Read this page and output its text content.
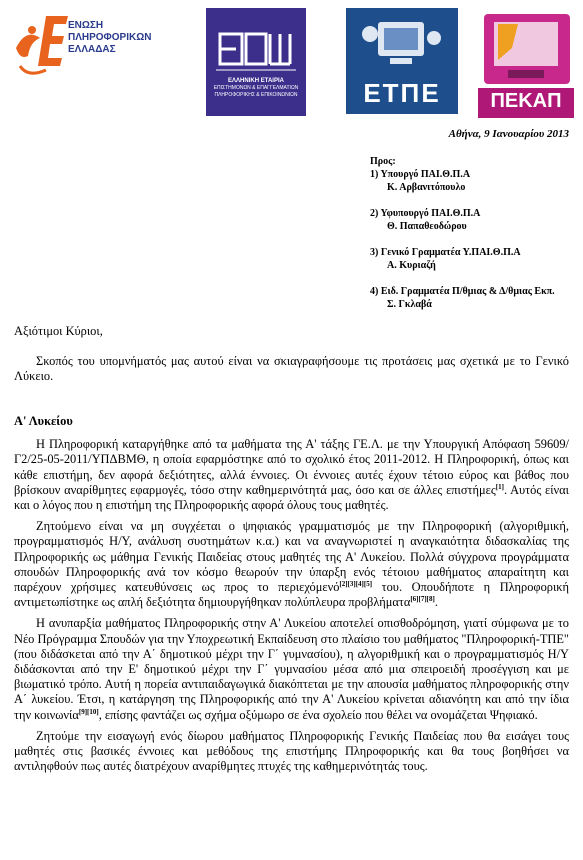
ΕΝΩΣΗ
ΠΛΗΡΟΦΟΡΙΚΩΝ
ΕΛΛΑΔΑΣ
ΕΛΛΗΝΙΚΗ ΕΤΑΙΡΙΑ
ΕΠΙΣΤΗΜΟΝΩΝ & ΕΠΑΓΓΕΛΜΑΤΙΩΝ
ΠΛΗΡΟΦΟΡΙΚΗΣ & ΕΠΙΚΟΙΝΩΝΙΩΝ	ΕΤΠΕ	ΠΕΚΑΠ
Αθήνα, 9 Ιανουαρίου 2013
Προς:
1) Υπουργό ΠΑΙ.Θ.Π.Α
Κ. Αρβανιτόπουλο
2) Υφυπουργό ΠΑΙ.Θ.Π.Α
Θ. Παπαθεοδώρου
3) Γενικό Γραμματέα Υ.ΠΑΙ.Θ.Π.Α
Α. Κυριαζή
4) Ειδ. Γραμματέα Π/θμιας & Δ/θμιας Εκπ.
Σ. Γκλαβά

Αξιότιμοι Κύριοι,

Σκοπός του υπομνήματός μας αυτού είναι να σκιαγραφήσουμε τις προτάσεις μας σχετικά με το Γενικό Λύκειο.

Α' Λυκείου

Η Πληροφορική καταργήθηκε από τα μαθήματα της Α' τάξης ΓΕ.Λ. με την Υπουργική Απόφαση 59609/Γ2/25-05-2011/ΥΠΔΒΜΘ, η οποία εφαρμόστηκε από το σχολικό έτος 2011-2012. Η Πληροφορική, όπως και κάθε επιστήμη, δεν αφορά δεξιότητες, αλλά έννοιες. Οι έννοιες αυτές έχουν τέτοιο εύρος και βάθος που βρίσκουν αναρίθμητες εφαρμογές, τόσο στην καθημερινότητά μας, όσο και σε άλλες επιστήμες[1]. Αυτός είναι και ο λόγος που η επιστήμη της Πληροφορικής αφορά όλους τους μαθητές.

Ζητούμενο είναι να μη συγχέεται ο ψηφιακός γραμματισμός με την Πληροφορική (αλγοριθμική, προγραμματισμός Η/Υ, ανάλυση συστημάτων κ.α.) και να αναγνωριστεί η αναγκαιότητα διδασκαλίας της Πληροφορικής ως μάθημα Γενικής Παιδείας στους μαθητές της Α' Λυκείου. Πολλά σύγχρονα προγράμματα σπουδών Πληροφορικής ανά τον κόσμο θεωρούν την ύπαρξη ενός τέτοιου μαθήματος απαραίτητη και παρέχουν χρήσιμες κατευθύνσεις ως προς το περιεχόμενό[2][3][4][5] του. Οπουδήποτε η Πληροφορική αντιμετωπίστηκε ως απλή δεξιότητα δημιουργήθηκαν πολύπλευρα προβλήματα[6][7][8].

Η ανυπαρξία μαθήματος Πληροφορικής στην Α' Λυκείου αποτελεί οπισθοδρόμηση, γιατί σύμφωνα με το Νέο Πρόγραμμα Σπουδών για την Υποχρεωτική Εκπαίδευση στο πλαίσιο του μαθήματος "Πληροφορική-ΤΠΕ" (που διδάσκεται από την Α΄ δημοτικού μέχρι την Γ΄ γυμνασίου), η αλγοριθμική και ο προγραμματισμός Η/Υ διδάσκονται από την Ε' δημοτικού μέχρι την Γ΄ γυμνασίου μέσα από μια σπειροειδή προσέγγιση και με βιωματικό τρόπο. Αυτή η πορεία αντιπαιδαγωγικά διακόπτεται με την απουσία μαθήματος πληροφορικής στην Α΄ λυκείου. Έτσι, η κατάργηση της Πληροφορικής από την Α' Λυκείου κρίνεται αδιανόητη και από την ίδια την κοινωνία[9][10], επίσης φαντάζει ως σχήμα οξύμωρο σε ένα σχολείο που θέλει να ονομάζεται Ψηφιακό.

Ζητούμε την εισαγωγή ενός δίωρου μαθήματος Πληροφορικής Γενικής Παιδείας που θα εισάγει τους μαθητές στις βασικές έννοιες και μεθόδους της επιστήμης Πληροφορικής και θα τους βοηθήσει να αντιληφθούν πως αυτές διατρέχουν αναρίθμητες πτυχές της καθημερινότητάς τους.
